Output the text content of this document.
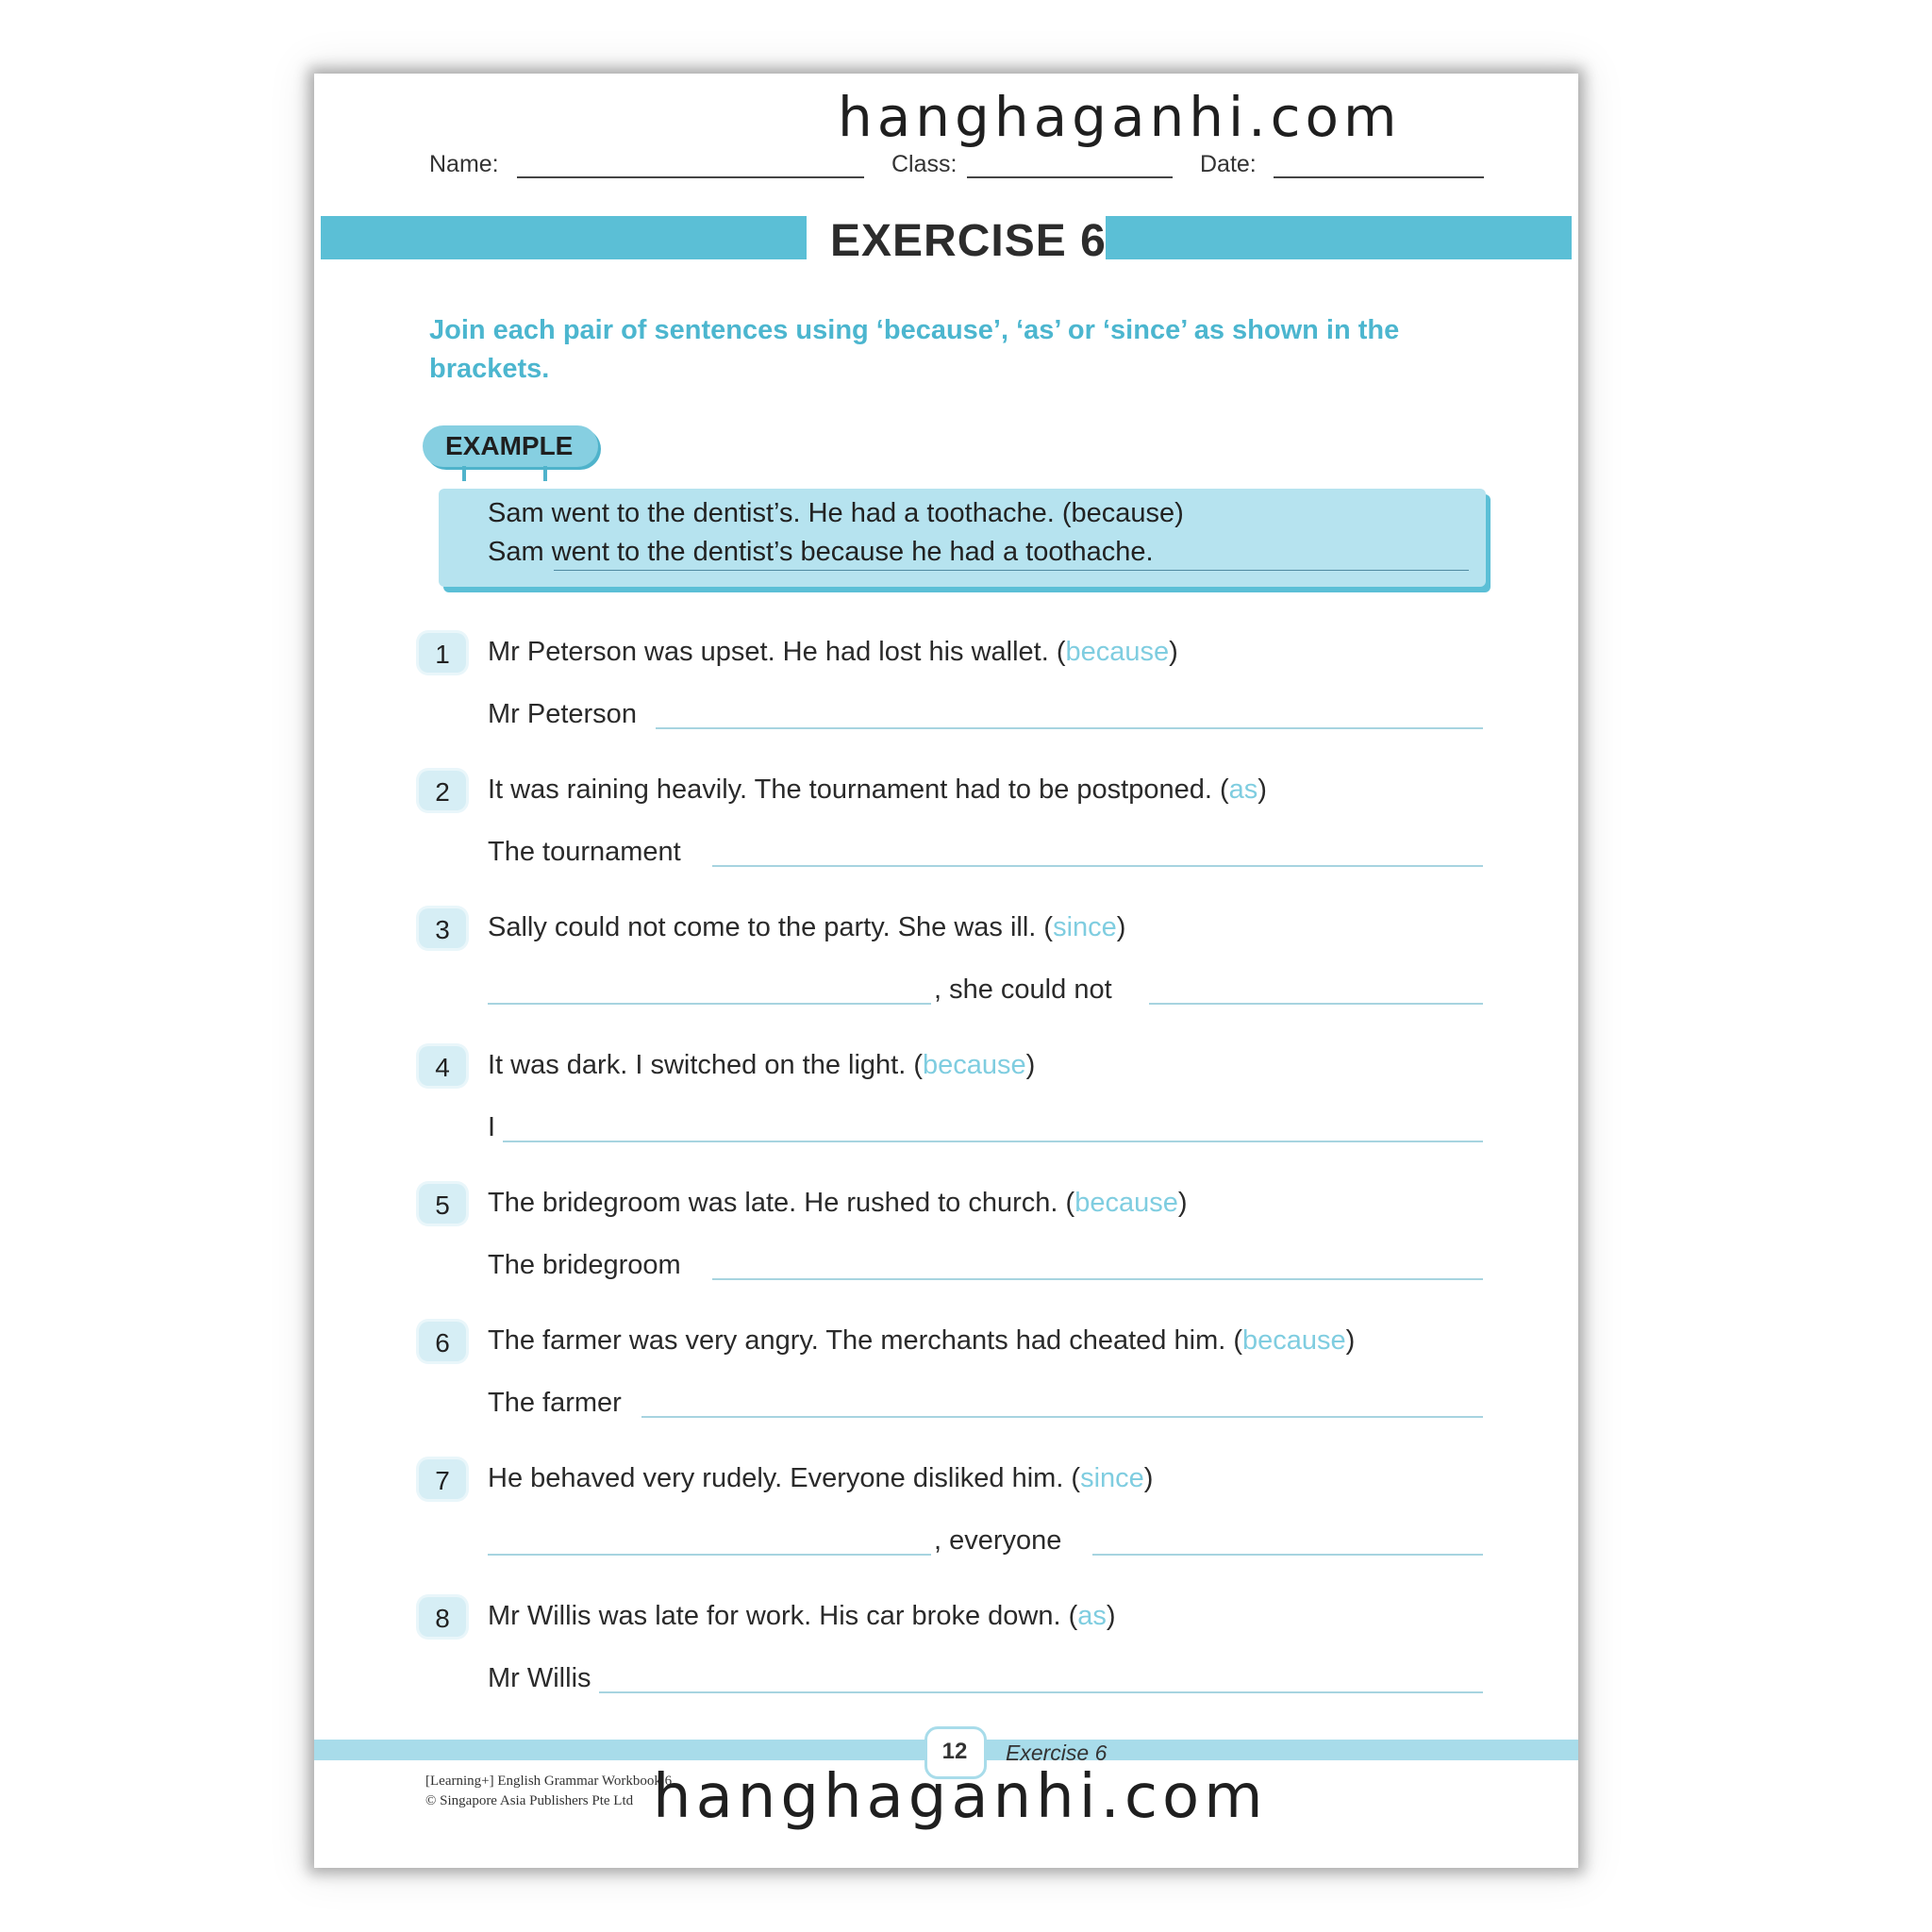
hanghaganhi.com
Name:	Class:	Date:
EXERCISE 6
Join each pair of sentences using ‘because’, ‘as’ or ‘since’ as shown in the brackets.
EXAMPLE
Sam went to the dentist’s. He had a toothache. (because)
Sam went to the dentist’s because he had a toothache.
1	Mr Peterson was upset. He had lost his wallet. (because)
Mr Peterson
2	It was raining heavily. The tournament had to be postponed. (as)
The tournament
3	Sally could not come to the party. She was ill. (since)
, she could not
4	It was dark. I switched on the light. (because)
I
5	The bridegroom was late. He rushed to church. (because)
The bridegroom
6	The farmer was very angry. The merchants had cheated him. (because)
The farmer
7	He behaved very rudely. Everyone disliked him. (since)
, everyone
8	Mr Willis was late for work. His car broke down. (as)
Mr Willis
12	Exercise 6
[Learning+] English Grammar Workbook 6
© Singapore Asia Publishers Pte Ltd hanghaganhi.com
